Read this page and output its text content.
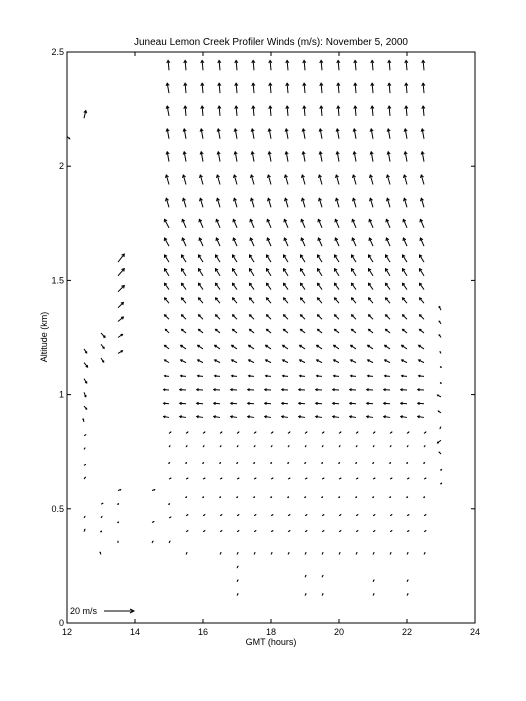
Juneau Lemon Creek Profiler Winds (m/s): November 5, 2000
12	14	16	18	20	22	24
0
0.5
1
1.5
2
2.5
GMT (hours)
Altitude (km)
20 m/s
